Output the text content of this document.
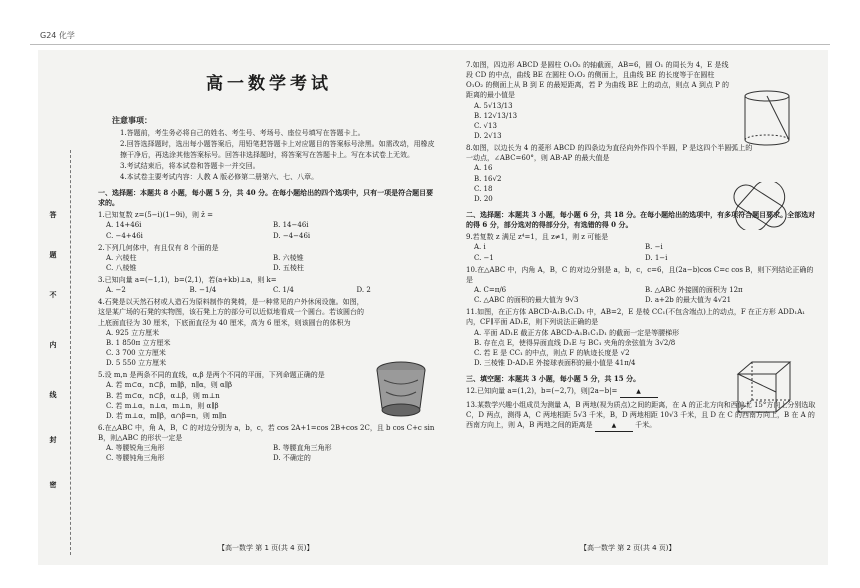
G24 化学
答
题
不
内
线
封
密
高一数学考试
注意事项：

1.答题前，考生务必将自己的姓名、考生号、考场号、座位号填写在答题卡上。

2.回答选择题时，选出每小题答案后，用铅笔把答题卡上对应题目的答案标号涂黑。如需改动，用橡皮擦干净后，再选涂其他答案标号。回答非选择题时，将答案写在答题卡上。写在本试卷上无效。

3.考试结束后，将本试卷和答题卡一并交回。

4.本试卷主要考试内容：人教 A 版必修第二册第六、七、八章。

一、选择题：本题共 8 小题，每小题 5 分，共 40 分。在每小题给出的四个选项中，只有一项是符合题目要求的。
1.已知复数 z=(5−i)(1−9i)，则 z̄ =
A. 14+46i	B. 14−46i
C. −4+46i	D. −4−46i
2.下列几何体中，有且仅有 8 个面的是
A. 六棱柱	B. 六棱锥
C. 八棱锥	D. 五棱柱
3.已知向量 a=(−1,1)，b=(2,1)，若(a+kb)⊥a，则 k=
A. −2	B. −1/4	C. 1/4	D. 2
4.石凳是以天然石材或人造石为原料制作的凳椅，是一种常见的户外休闲设施。如图，这是某广场的石凳的实物图，该石凳上方的部分可以近似地看成一个圆台。若该圆台的上底面直径为 30 厘米，下底面直径为 40 厘米，高为 6 厘米，则该圆台的体积为
A. 925 立方厘米
B. 1 850π 立方厘米
C. 3 700 立方厘米
D. 5 550 立方厘米
5.设 m,n 是两条不同的直线，α,β 是两个不同的平面，下列命题正确的是
A. 若 m⊂α，n⊂β，m∥β，n∥α，则 α∥β
B. 若 m⊂α，n⊂β，α⊥β，则 m⊥n
C. 若 m⊥α，n⊥α，m⊥n，则 α∥β
D. 若 m⊥α，m∥β，α∩β=n，则 m∥n
6.在△ABC 中，角 A，B，C 的对边分别为 a，b，c，若 cos 2A+1=cos 2B+cos 2C，且 b cos C+c sin B，则△ABC 的形状一定是
A. 等腰锐角三角形	B. 等腰直角三角形
C. 等腰钝角三角形	D. 不确定的
7.如图，四边形 ABCD 是圆柱 O₁O₂ 的轴截面，AB=6，圆 O₁ 的周长为 4，E 是线段 CD 的中点，曲线 BE 在圆柱 O₁O₂ 的侧面上，且曲线 BE 的长度等于在圆柱 O₁O₂ 的侧面上从 B 到 E 的最短距离，若 P 为曲线 BE 上的动点，则点 A 到点 P 的距离的最小值是
A. 5√13/13
B. 12√13/13
C. √13
D. 2√13
8.如图，以边长为 4 的菱形 ABCD 的四条边为直径向外作四个半圆，P 是这四个半圆弧上的一动点，∠ABC=60°，则 AB·AP 的最大值是
A. 16
B. 16√2
C. 18
D. 20
二、选择题：本题共 3 小题，每小题 6 分，共 18 分。在每小题给出的选项中，有多项符合题目要求。全部选对的得 6 分，部分选对的得部分分，有选错的得 0 分。
9.若复数 z 满足 z⁴=1，且 z≠1，则 z 可能是
A. i	B. −i
C. −1	D. 1−i
10.在△ABC 中，内角 A，B，C 的对边分别是 a，b，c，c=6，且(2a−b)cos C=c cos B，则下列结论正确的是
A. C=π/6	B. △ABC 外接圆的面积为 12π
C. △ABC 的面积的最大值为 9√3	D. a+2b 的最大值为 4√21
11.如图，在正方体 ABCD-A₁B₁C₁D₁ 中，AB=2，E 是棱 CC₁(不包含端点)上的动点，F 在正方形 ADD₁A₁ 内，CF∥平面 AD₁E，则下列说法正确的是
A. 平面 AD₁E 截正方体 ABCD-A₁B₁C₁D₁ 的截面一定是等腰梯形
B. 存在点 E，使得异面直线 D₁E 与 BC₁ 夹角的余弦值为 3√2/8
C. 若 E 是 CC₁ 的中点，则点 F 的轨迹长度是 √2
D. 三棱锥 D-AD₁E 外接球表面积的最小值是 41π/4
三、填空题：本题共 3 小题，每小题 5 分，共 15 分。
12.已知向量 a=(1,2)，b=(−2,7)，则|2a−b|=	▲
13.某数学兴趣小组成员为测量 A，B 两地(视为质点)之间的距离，在 A 的正北方向和西偏北 15°方向上分别选取 C，D 两点，测得 A，C 两地相距 5√3 千米，B，D 两地相距 10√3 千米，且 D 在 C 的西南方向上，B 在 A 的西南方向上，则 A，B 两地之间的距离是	▲	千米。
【高一数学 第 1 页(共 4 页)】	【高一数学 第 2 页(共 4 页)】
